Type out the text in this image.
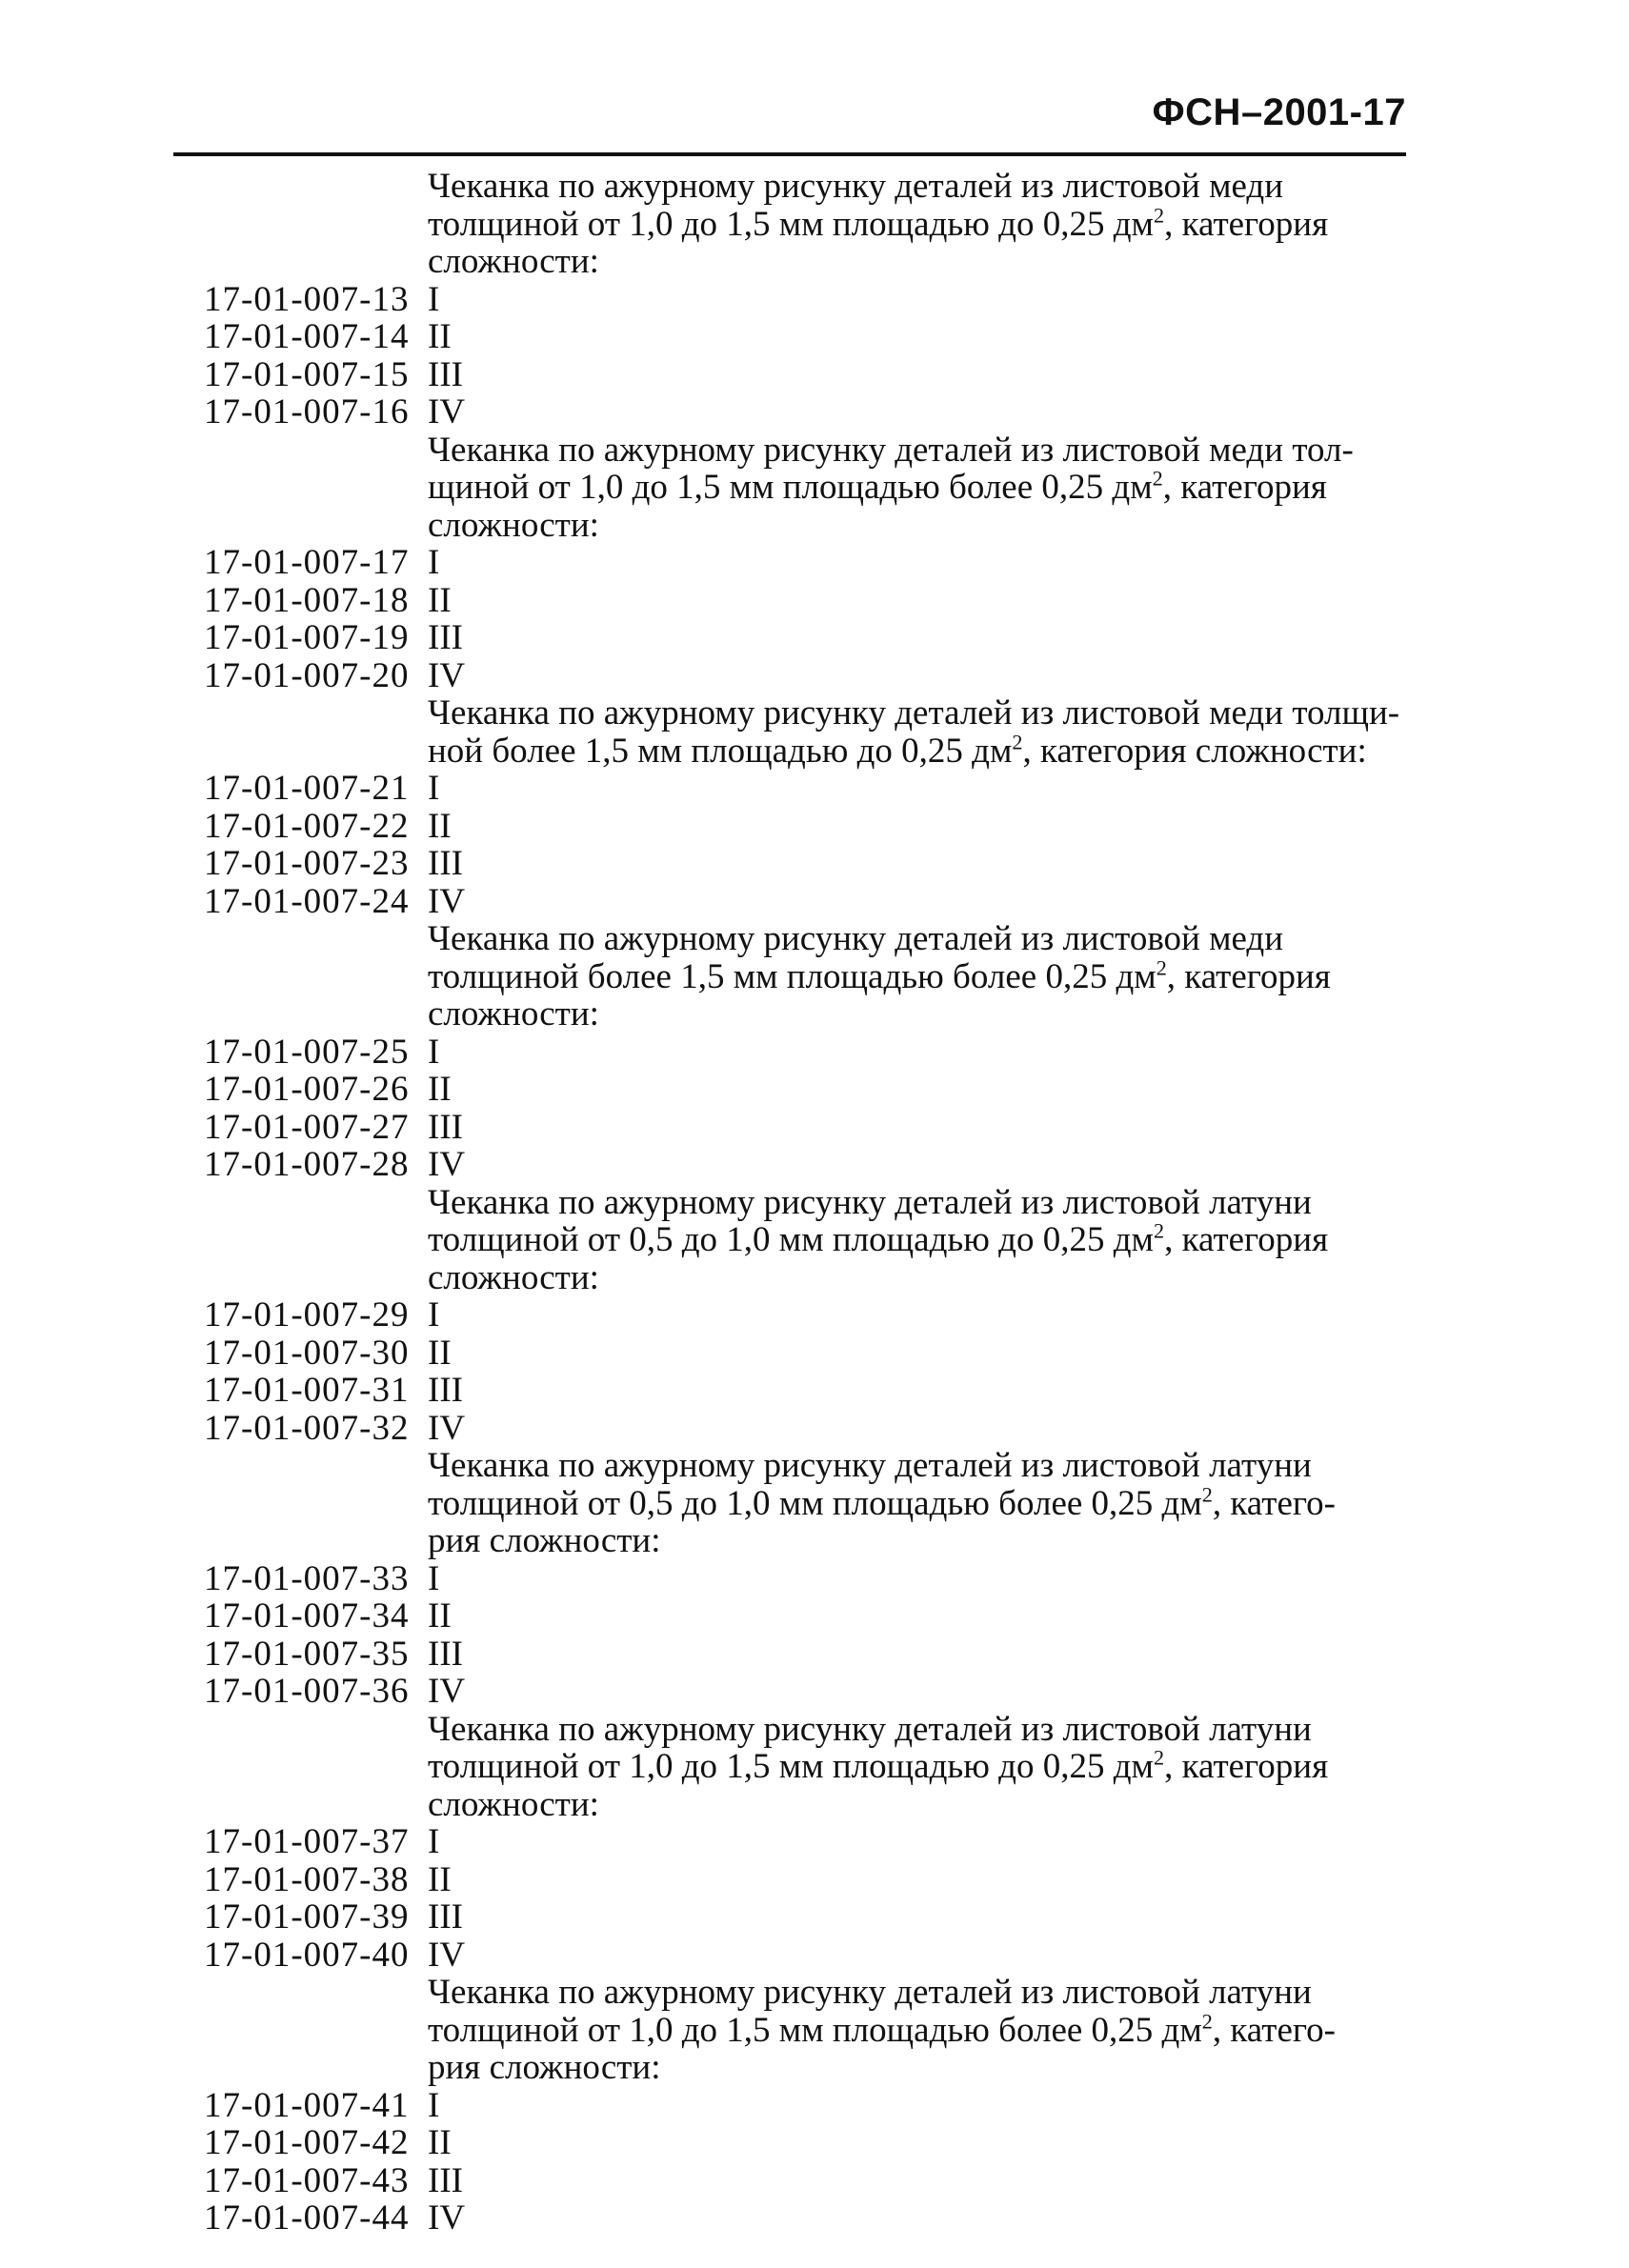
ФСН–2001-17
Чеканка по ажурному рисунку деталей из листовой меди
толщиной от 1,0 до 1,5 мм площадью до 0,25 $дм^2$, категория
сложности:
17-01-007-13 I
17-01-007-14 II
17-01-007-15 III
17-01-007-16 IV
Чеканка по ажурному рисунку деталей из листовой меди тол-
щиной от 1,0 до 1,5 мм площадью более 0,25 $дм^2$, категория
сложности:
17-01-007-17 I
17-01-007-18 II
17-01-007-19 III
17-01-007-20 IV
Чеканка по ажурному рисунку деталей из листовой меди толщи-
ной более 1,5 мм площадью до 0,25 $дм^2$, категория сложности:
17-01-007-21 I
17-01-007-22 II
17-01-007-23 III
17-01-007-24 IV
Чеканка по ажурному рисунку деталей из листовой меди
толщиной более 1,5 мм площадью более 0,25 $дм^2$, категория
сложности:
17-01-007-25 I
17-01-007-26 II
17-01-007-27 III
17-01-007-28 IV
Чеканка по ажурному рисунку деталей из листовой латуни
толщиной от 0,5 до 1,0 мм площадью до 0,25 $дм^2$, категория
сложности:
17-01-007-29 I
17-01-007-30 II
17-01-007-31 III
17-01-007-32 IV
Чеканка по ажурному рисунку деталей из листовой латуни
толщиной от 0,5 до 1,0 мм площадью более 0,25 $дм^2$, катего-
рия сложности:
17-01-007-33 I
17-01-007-34 II
17-01-007-35 III
17-01-007-36 IV
Чеканка по ажурному рисунку деталей из листовой латуни
толщиной от 1,0 до 1,5 мм площадью до 0,25 $дм^2$, категория
сложности:
17-01-007-37 I
17-01-007-38 II
17-01-007-39 III
17-01-007-40 IV
Чеканка по ажурному рисунку деталей из листовой латуни
толщиной от 1,0 до 1,5 мм площадью более 0,25 $дм^2$, катего-
рия сложности:
17-01-007-41 I
17-01-007-42 II
17-01-007-43 III
17-01-007-44 IV
